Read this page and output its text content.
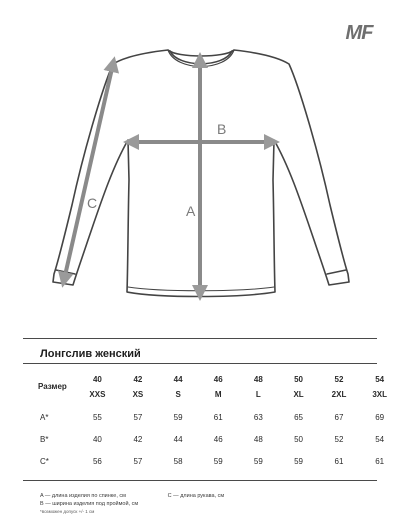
MF
A
B
C
Лонгслив женский
Размер	40	42	44	46	48	50	52	54
	XXS	XS	S	M	L	XL	2XL	3XL
A*	55	57	59	61	63	65	67	69
B*	40	42	44	46	48	50	52	54
C*	56	57	58	59	59	59	61	61
A — длина изделия по спинке, см
B — ширина изделия под проймой, см
*возможен допуск +/- 1 см

C — длина рукава, см
